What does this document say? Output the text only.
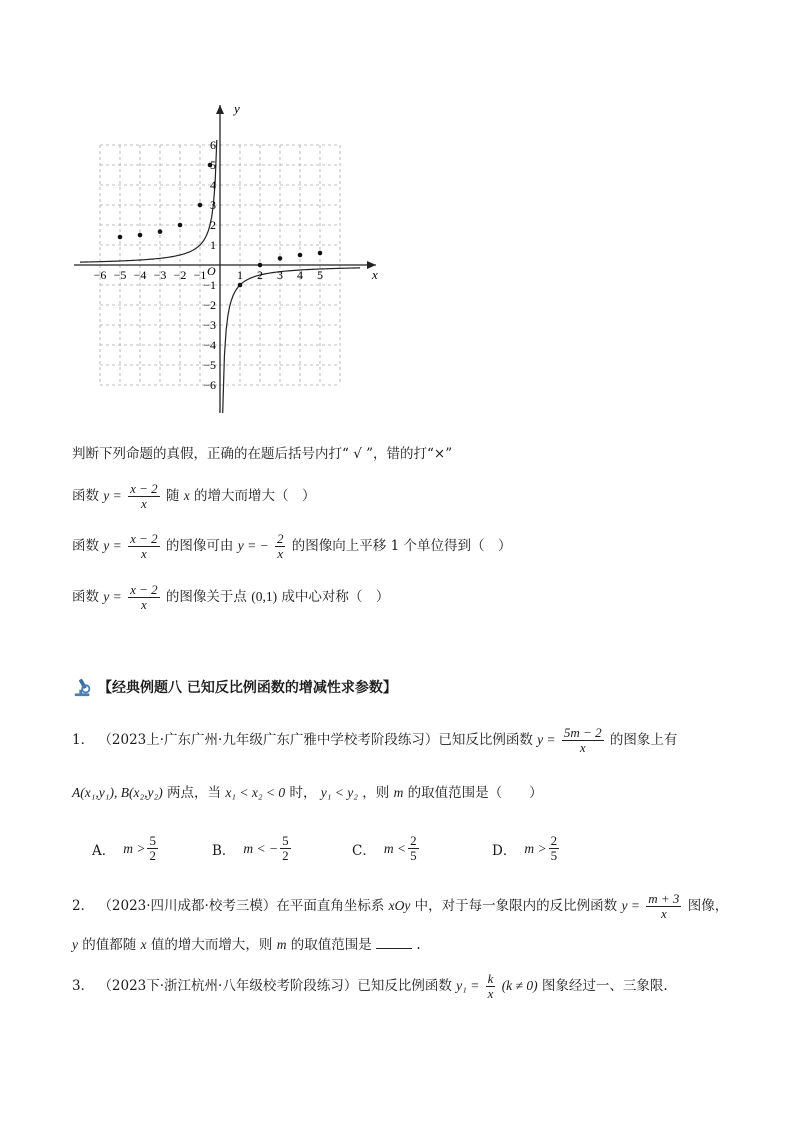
x
y
O
−6 −5 −4 −3 −2 −1	1 2 3 4 5
6
5
4
3
2
1
−1
−2
−3
−4
−5
−6
判断下列命题的真假，正确的在题后括号内打“ √ ”，错的打“×”
函数 $y = \frac{x - 2}{x}$ 随 x 的增大而增大（　）
函数 $y = \frac{x - 2}{x}$ 的图像可由 y = − $\frac{2}{x}$ 的图像向上平移 1 个单位得到（　）
函数 $y = \frac{x - 2}{x}$ 的图像关于点 (0,1) 成中心对称（　）
【经典例题八 已知反比例函数的增减性求参数】
1． （2023上·广东广州·九年级广东广雅中学校考阶段练习）已知反比例函数 $y = \frac{5m - 2}{x}$ 的图象上有
A(x₁,y₁), B(x₂,y₂) 两点，当 x₁ < x₂ < 0 时， y₁ < y₂ ，则 m 的取值范围是（　　）
A． $m > \frac{5}{2}$	B． m < − $\frac{5}{2}$	C． $m < \frac{2}{5}$	D． $m > \frac{2}{5}$
2． （2023·四川成都·校考三模）在平面直角坐标系 xOy 中，对于每一象限内的反比例函数 $y = \frac{m + 3}{x}$ 图像，
y 的值都随 x 值的增大而增大，则 m 的取值范围是	.
3． （2023下·浙江杭州·八年级校考阶段练习）已知反比例函数 $y_1 = \frac{k}{x} (k \ne 0)$ 图象经过一、三象限.
